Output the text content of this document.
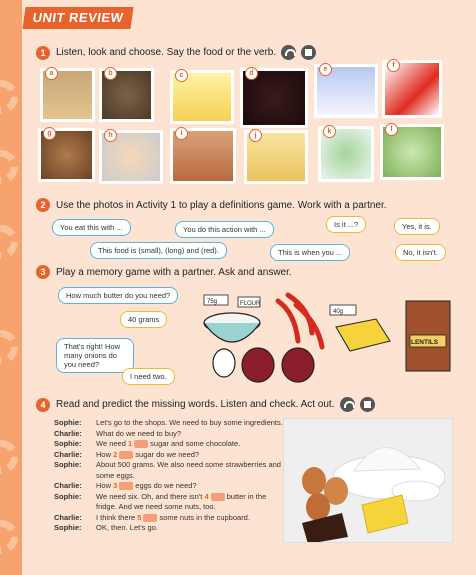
UNIT REVIEW
1	Listen, look and choose. Say the food or the verb.
a	b	c	d
e
f
g	h	i	j
k	l
2	Use the photos in Activity 1 to play a definitions game. Work with a partner.
You eat this with ...	You do this action with ...
Is it ...?	Yes, it is.
This food is (small), (long) and (red).	This is when you ...	No, it isn't.
3	Play a memory game with a partner. Ask and answer.
How much butter do you need?
40 grams
That's right! How many onions do you need?
I need two.
75g	FLOUR
40g
LENTILS
4	Read and predict the missing words. Listen and check. Act out.
Sophie:	Let's go to the shops. We need to buy some ingredients.
Charlie:	What do we need to buy?
Sophie:	We need 1 sugar and some chocolate.
Charlie:	How 2 sugar do we need?
Sophie:	About 500 grams. We also need some strawberries and some eggs.
Charlie:	How 3 eggs do we need?
Sophie:	We need six. Oh, and there isn't 4 butter in the fridge. And we need some nuts, too.
Charlie:	I think there 5 some nuts in the cupboard.
Sophie:	OK, then. Let's go.
